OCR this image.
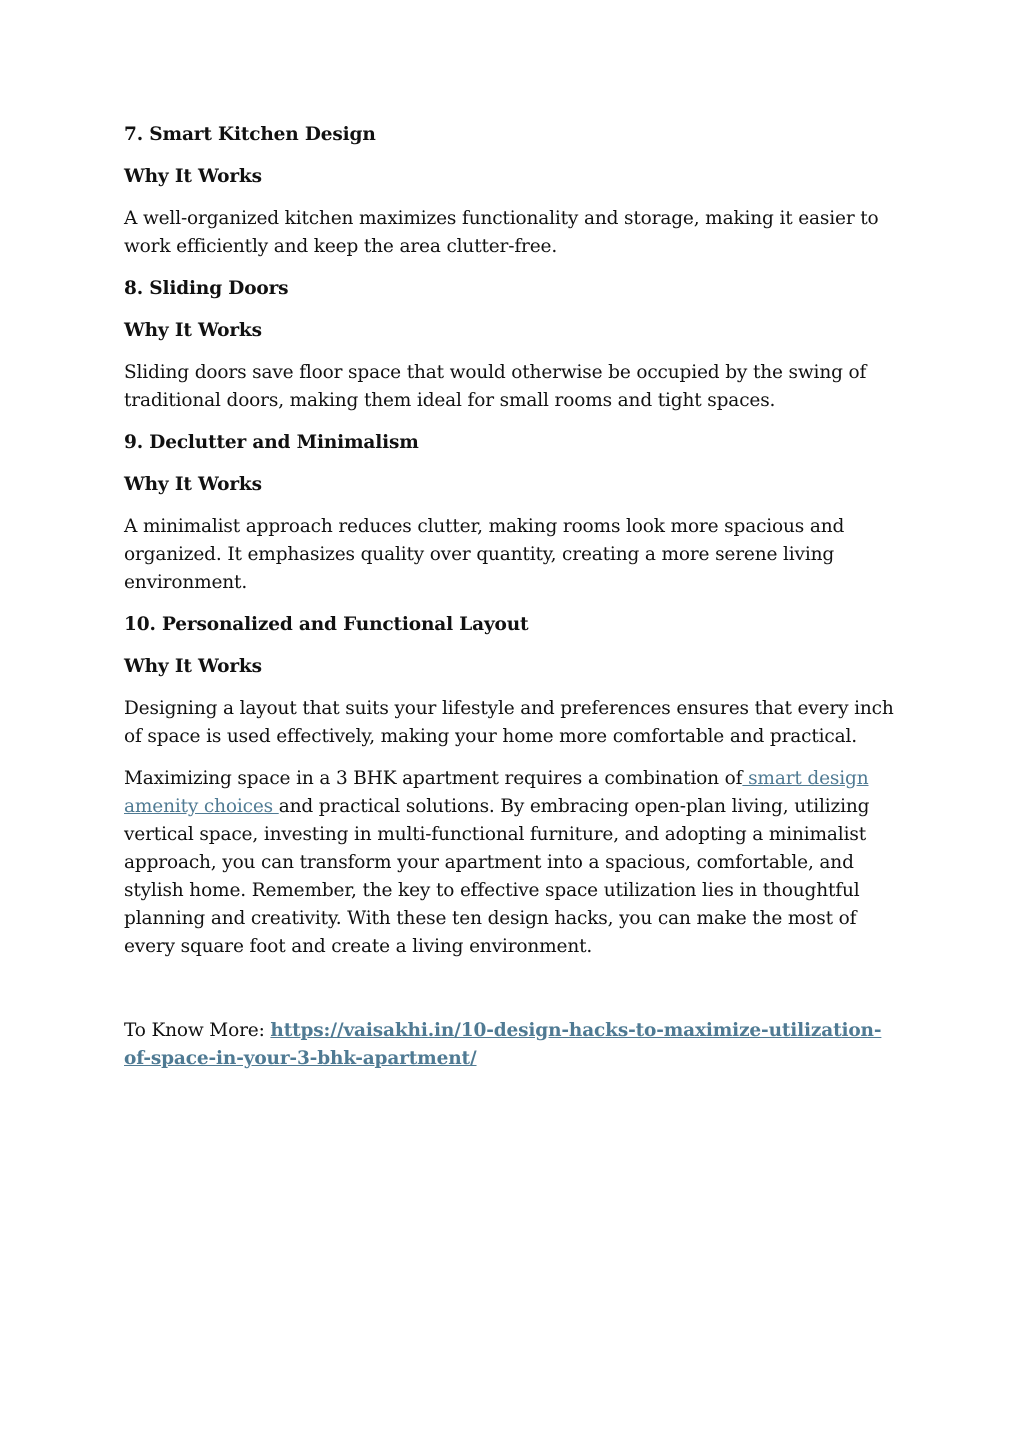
7. Smart Kitchen Design
Why It Works

A well-organized kitchen maximizes functionality and storage, making it easier to work efficiently and keep the area clutter-free.

8. Sliding Doors
Why It Works

Sliding doors save floor space that would otherwise be occupied by the swing of traditional doors, making them ideal for small rooms and tight spaces.

9. Declutter and Minimalism
Why It Works

A minimalist approach reduces clutter, making rooms look more spacious and organized. It emphasizes quality over quantity, creating a more serene living environment.

10. Personalized and Functional Layout
Why It Works

Designing a layout that suits your lifestyle and preferences ensures that every inch of space is used effectively, making your home more comfortable and practical.

Maximizing space in a 3 BHK apartment requires a combination of smart design amenity choices and practical solutions. By embracing open-plan living, utilizing vertical space, investing in multi-functional furniture, and adopting a minimalist approach, you can transform your apartment into a spacious, comfortable, and stylish home. Remember, the key to effective space utilization lies in thoughtful planning and creativity. With these ten design hacks, you can make the most of every square foot and create a living environment.

To Know More: https://vaisakhi.in/10-design-hacks-to-maximize-utilization-of-space-in-your-3-bhk-apartment/
